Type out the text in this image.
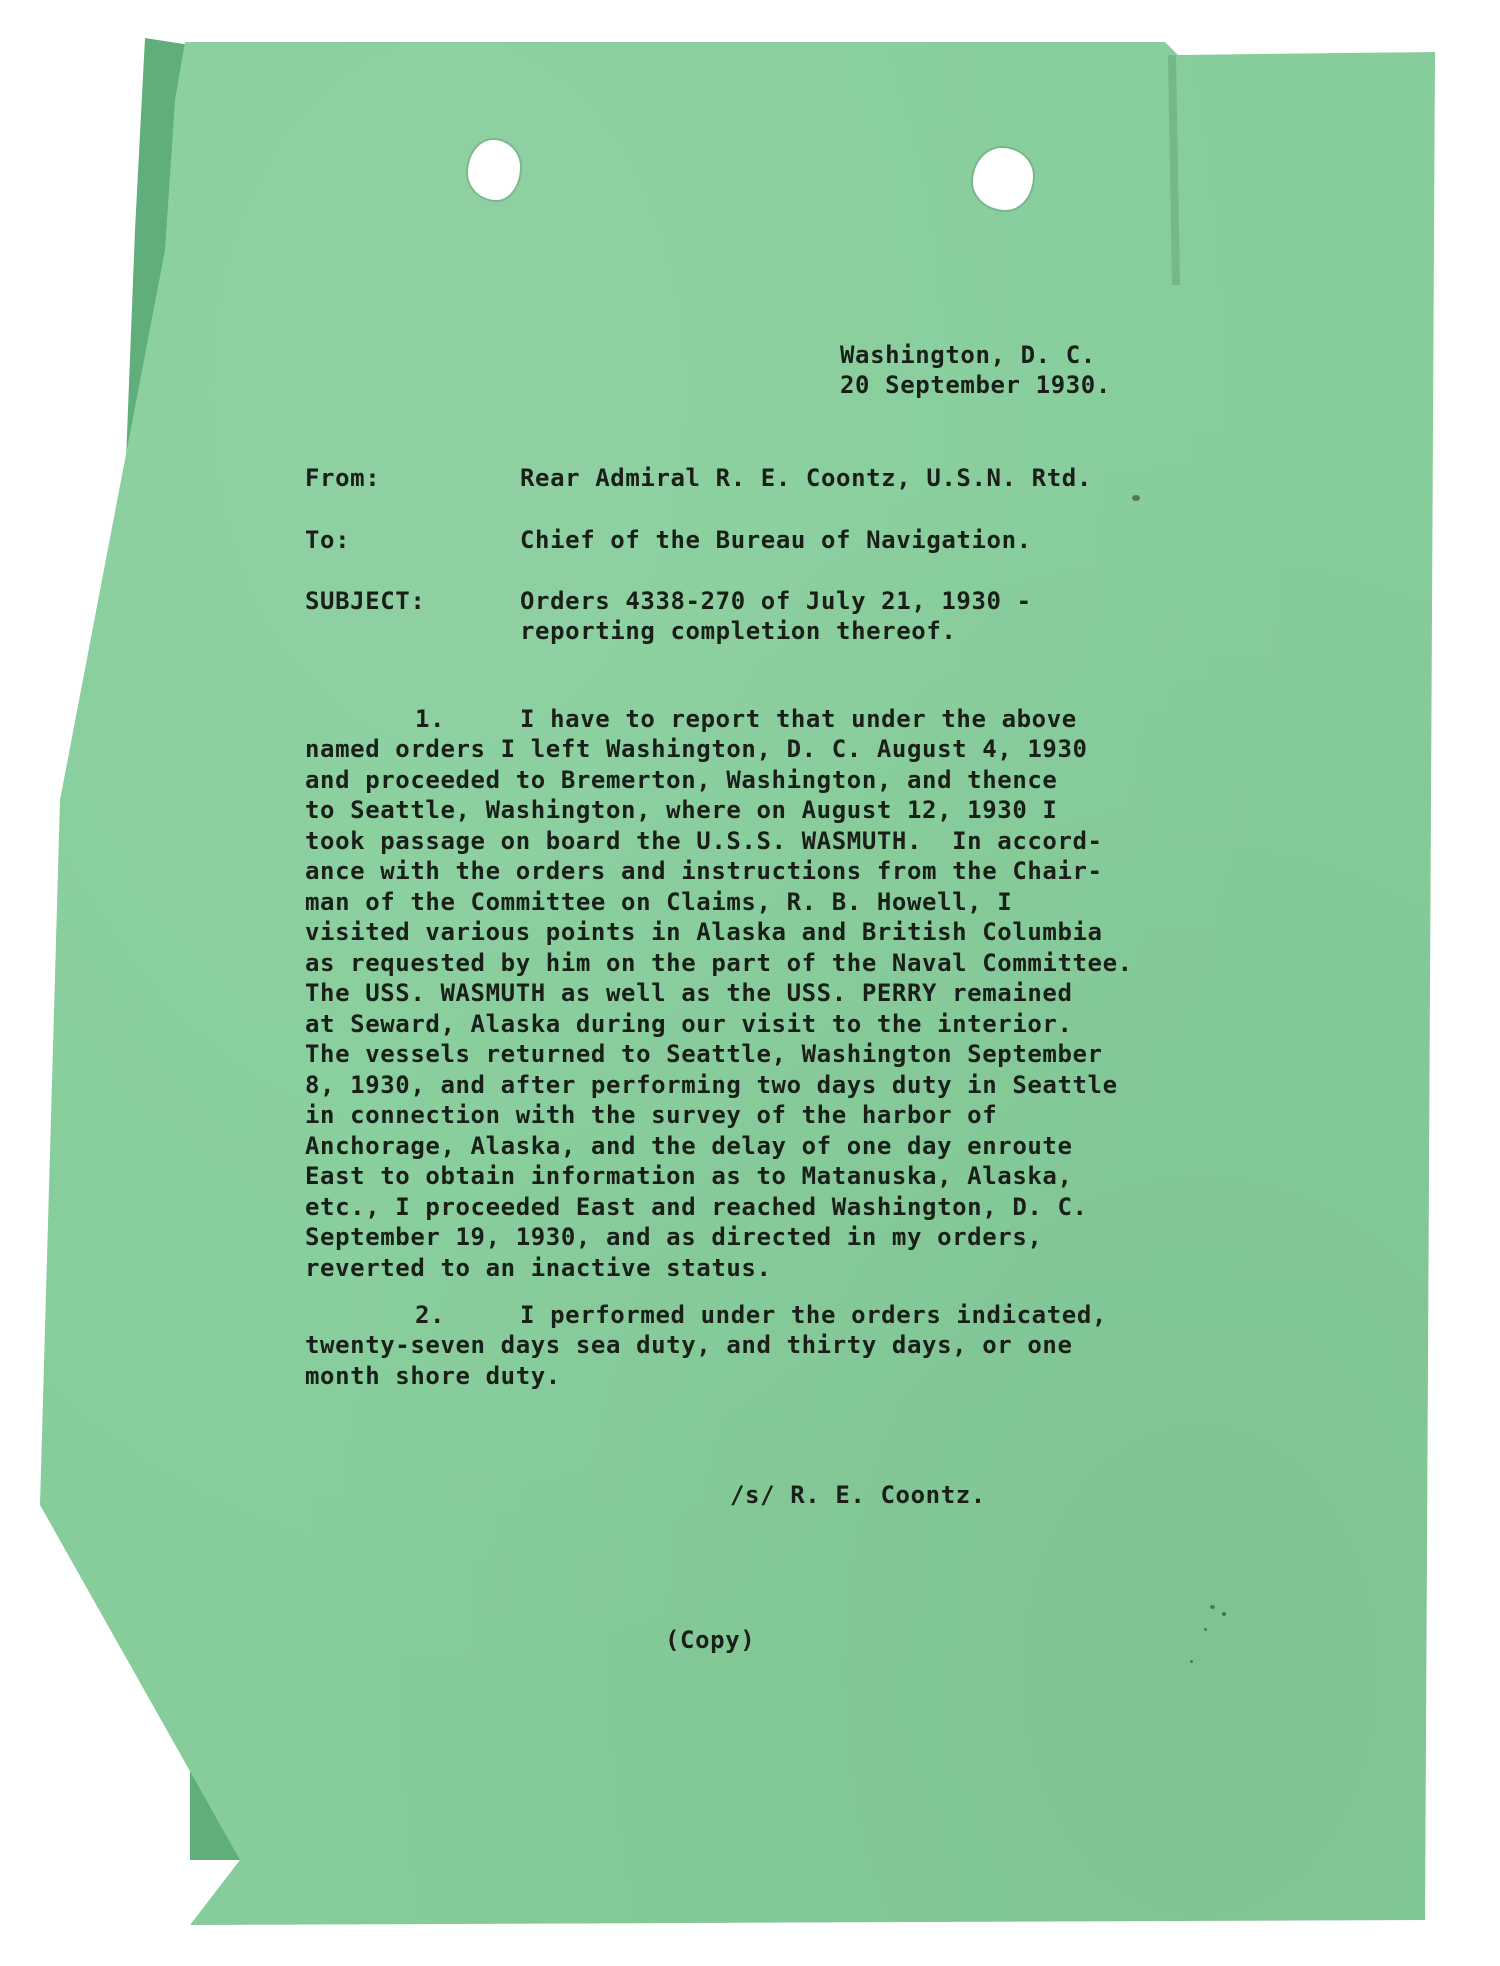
Washington, D. C.
20 September 1930.
From:	Rear Admiral R. E. Coontz, U.S.N. Rtd.
To:	Chief of the Bureau of Navigation.
SUBJECT:	Orders 4338-270 of July 21, 1930 -
reporting completion thereof.
1.	I have to report that under the above
named orders I left Washington, D. C. August 4, 1930
and proceeded to Bremerton, Washington, and thence
to Seattle, Washington, where on August 12, 1930 I
took passage on board the U.S.S. WASMUTH.  In accord-
ance with the orders and instructions from the Chair-
man of the Committee on Claims, R. B. Howell, I
visited various points in Alaska and British Columbia
as requested by him on the part of the Naval Committee.
The USS. WASMUTH as well as the USS. PERRY remained
at Seward, Alaska during our visit to the interior.
The vessels returned to Seattle, Washington September
8, 1930, and after performing two days duty in Seattle
in connection with the survey of the harbor of
Anchorage, Alaska, and the delay of one day enroute
East to obtain information as to Matanuska, Alaska,
etc., I proceeded East and reached Washington, D. C.
September 19, 1930, and as directed in my orders,
reverted to an inactive status.
2.	I performed under the orders indicated,
twenty-seven days sea duty, and thirty days, or one
month shore duty.
/s/ R. E. Coontz.
(Copy)
